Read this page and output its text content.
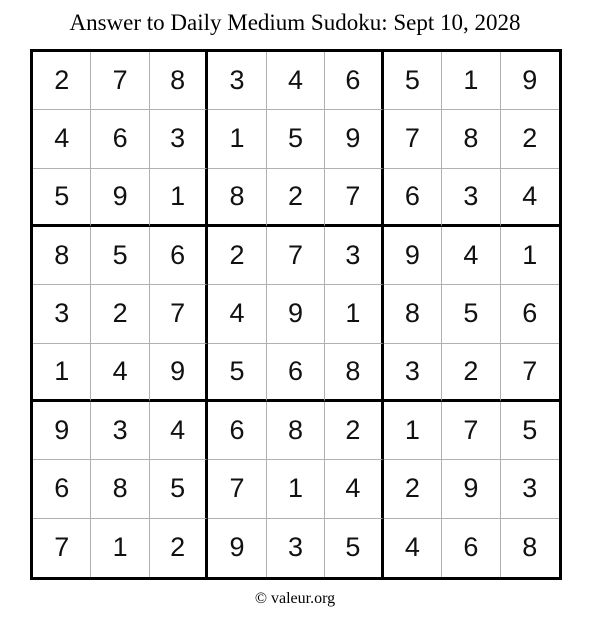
Answer to Daily Medium Sudoku: Sept 10, 2028
2	7	8	3	4	6	5	1	9
4	6	3	1	5	9	7	8	2
5	9	1	8	2	7	6	3	4
8	5	6	2	7	3	9	4	1
3	2	7	4	9	1	8	5	6
1	4	9	5	6	8	3	2	7
9	3	4	6	8	2	1	7	5
6	8	5	7	1	4	2	9	3
7	1	2	9	3	5	4	6	8
© valeur.org
